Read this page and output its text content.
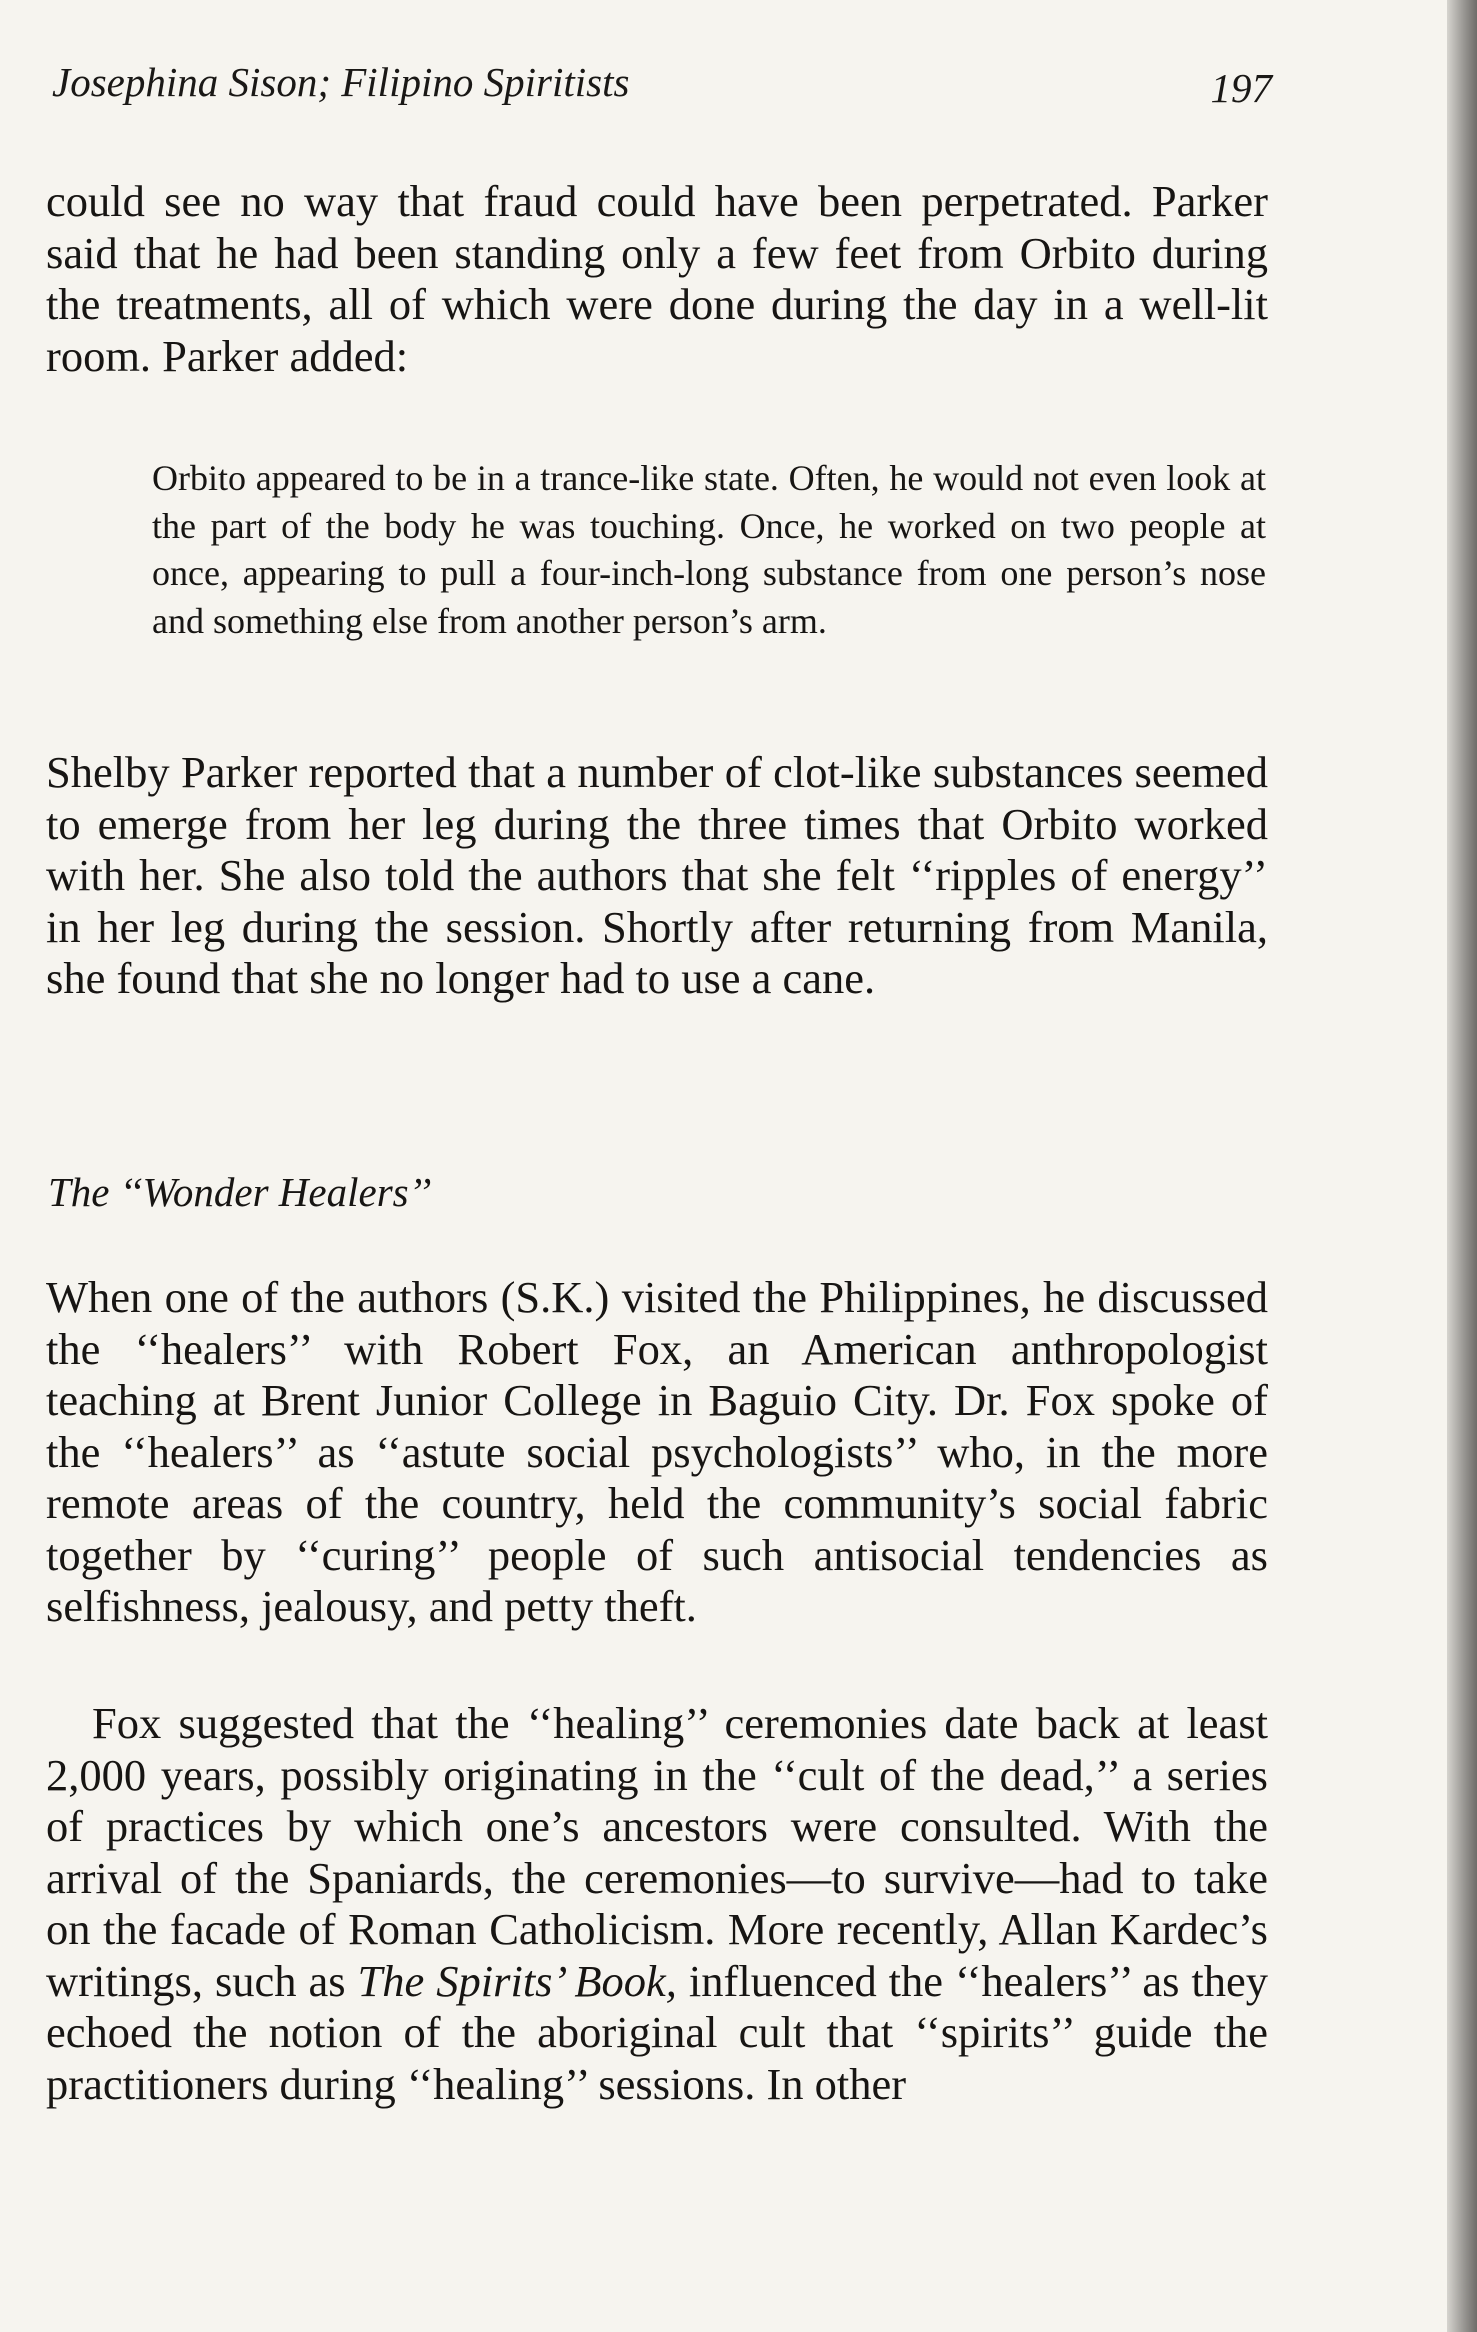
Josephina Sison; Filipino Spiritists	197

could see no way that fraud could have been perpetrated. Parker said that he had been standing only a few feet from Orbito during the treatments, all of which were done during the day in a well-lit room. Parker added:

Orbito appeared to be in a trance-like state. Often, he would not even look at the part of the body he was touching. Once, he worked on two people at once, appearing to pull a four-inch-long substance from one person’s nose and something else from another person’s arm.

Shelby Parker reported that a number of clot-like substances seemed to emerge from her leg during the three times that Orbito worked with her. She also told the authors that she felt ‘‘ripples of energy’’ in her leg during the session. Shortly after returning from Manila, she found that she no longer had to use a cane.

The ‘‘Wonder Healers’’

When one of the authors (S.K.) visited the Philippines, he discussed the ‘‘healers’’ with Robert Fox, an American anthropologist teaching at Brent Junior College in Baguio City. Dr. Fox spoke of the ‘‘healers’’ as ‘‘astute social psychologists’’ who, in the more remote areas of the country, held the community’s social fabric together by ‘‘curing’’ people of such antisocial tendencies as selfishness, jealousy, and petty theft.

Fox suggested that the ‘‘healing’’ ceremonies date back at least 2,000 years, possibly originating in the ‘‘cult of the dead,’’ a series of practices by which one’s ancestors were consulted. With the arrival of the Spaniards, the ceremonies—to survive—had to take on the facade of Roman Catholicism. More recently, Allan Kardec’s writings, such as The Spirits’ Book, influenced the ‘‘healers’’ as they echoed the notion of the aboriginal cult that ‘‘spirits’’ guide the practitioners during ‘‘healing’’ sessions. In other
